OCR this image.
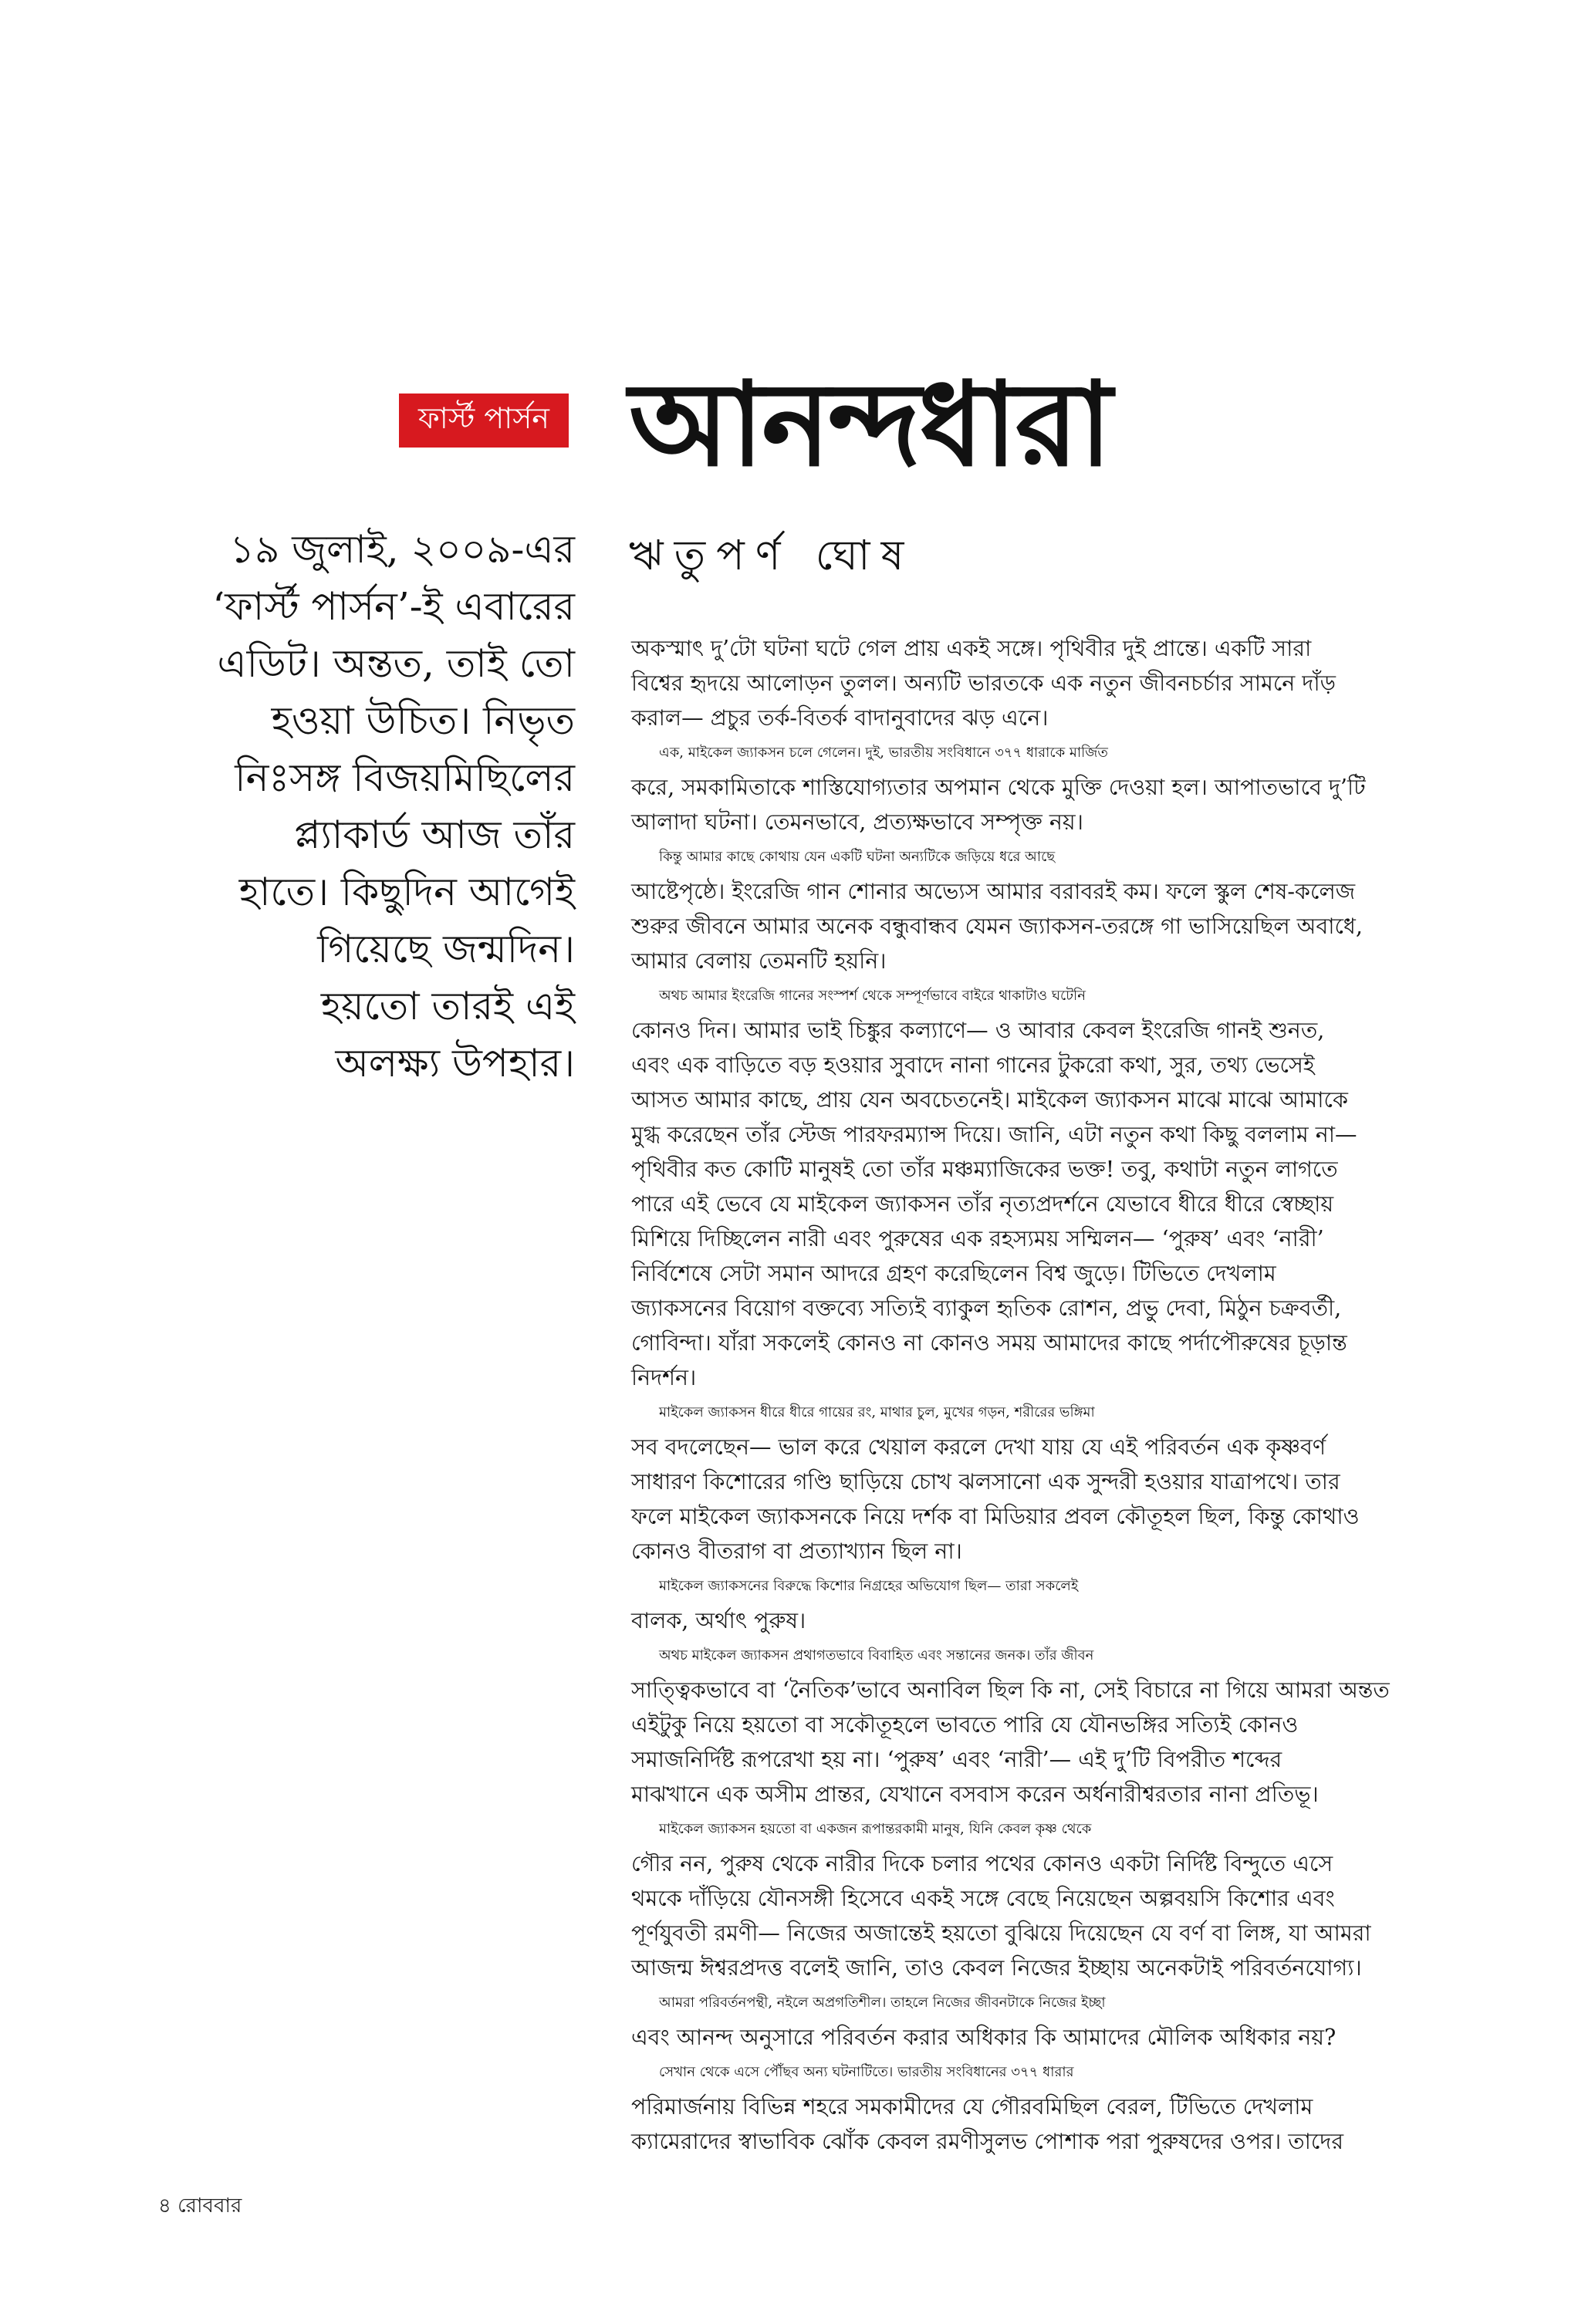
ফার্স্ট পার্সন আনন্দধারা
ঋতুপর্ণ ঘোষ
১৯ জুলাই, ২০০৯-এর
‘ফার্স্ট পার্সন’-ই এবারের
এডিট। অন্তত, তাই তো
হওয়া উচিত। নিভৃত
নিঃসঙ্গ বিজয়মিছিলের
প্ল্যাকার্ড আজ তাঁর
হাতে। কিছুদিন আগেই
গিয়েছে জন্মদিন।
হয়তো তারই এই
অলক্ষ্য উপহার।
অকস্মাৎ দু’টো ঘটনা ঘটে গেল প্রায় একই সঙ্গে। পৃথিবীর দুই প্রান্তে। একটি সারা
বিশ্বের হৃদয়ে আলোড়ন তুলল। অন্যটি ভারতকে এক নতুন জীবনচর্চার সামনে দাঁড়
করাল— প্রচুর তর্ক-বিতর্ক বাদানুবাদের ঝড় এনে।
এক, মাইকেল জ্যাকসন চলে গেলেন। দুই, ভারতীয় সংবিধানে ৩৭৭ ধারাকে মার্জিত
করে, সমকামিতাকে শাস্তিযোগ্যতার অপমান থেকে মুক্তি দেওয়া হল। আপাতভাবে দু’টি
আলাদা ঘটনা। তেমনভাবে, প্রত্যক্ষভাবে সম্পৃক্ত নয়।
কিন্তু আমার কাছে কোথায় যেন একটি ঘটনা অন্যটিকে জড়িয়ে ধরে আছে
আষ্টেপৃষ্ঠে। ইংরেজি গান শোনার অভ্যেস আমার বরাবরই কম। ফলে স্কুল শেষ-কলেজ
শুরুর জীবনে আমার অনেক বন্ধুবান্ধব যেমন জ্যাকসন-তরঙ্গে গা ভাসিয়েছিল অবাধে,
আমার বেলায় তেমনটি হয়নি।
অথচ আমার ইংরেজি গানের সংস্পর্শ থেকে সম্পূর্ণভাবে বাইরে থাকাটাও ঘটেনি
কোনও দিন। আমার ভাই চিঙ্কুর কল্যাণে— ও আবার কেবল ইংরেজি গানই শুনত,
এবং এক বাড়িতে বড় হওয়ার সুবাদে নানা গানের টুকরো কথা, সুর, তথ্য ভেসেই
আসত আমার কাছে, প্রায় যেন অবচেতনেই। মাইকেল জ্যাকসন মাঝে মাঝে আমাকে
মুগ্ধ করেছেন তাঁর স্টেজ পারফরম্যান্স দিয়ে। জানি, এটা নতুন কথা কিছু বললাম না—
পৃথিবীর কত কোটি মানুষই তো তাঁর মঞ্চম্যাজিকের ভক্ত! তবু, কথাটা নতুন লাগতে
পারে এই ভেবে যে মাইকেল জ্যাকসন তাঁর নৃত্যপ্রদর্শনে যেভাবে ধীরে ধীরে স্বেচ্ছায়
মিশিয়ে দিচ্ছিলেন নারী এবং পুরুষের এক রহস্যময় সম্মিলন— ‘পুরুষ’ এবং ‘নারী’
নির্বিশেষে সেটা সমান আদরে গ্রহণ করেছিলেন বিশ্ব জুড়ে। টিভিতে দেখলাম
জ্যাকসনের বিয়োগ বক্তব্যে সত্যিই ব্যাকুল হৃতিক রোশন, প্রভু দেবা, মিঠুন চক্রবর্তী,
গোবিন্দা। যাঁরা সকলেই কোনও না কোনও সময় আমাদের কাছে পর্দাপৌরুষের চূড়ান্ত
নিদর্শন।
মাইকেল জ্যাকসন ধীরে ধীরে গায়ের রং, মাথার চুল, মুখের গড়ন, শরীরের ভঙ্গিমা
সব বদলেছেন— ভাল করে খেয়াল করলে দেখা যায় যে এই পরিবর্তন এক কৃষ্ণবর্ণ
সাধারণ কিশোরের গণ্ডি ছাড়িয়ে চোখ ঝলসানো এক সুন্দরী হওয়ার যাত্রাপথে। তার
ফলে মাইকেল জ্যাকসনকে নিয়ে দর্শক বা মিডিয়ার প্রবল কৌতূহল ছিল, কিন্তু কোথাও
কোনও বীতরাগ বা প্রত্যাখ্যান ছিল না।
মাইকেল জ্যাকসনের বিরুদ্ধে কিশোর নিগ্রহের অভিযোগ ছিল— তারা সকলেই
বালক, অর্থাৎ পুরুষ।
অথচ মাইকেল জ্যাকসন প্রথাগতভাবে বিবাহিত এবং সন্তানের জনক। তাঁর জীবন
সাত্ত্বিকভাবে বা ‘নৈতিক’ভাবে অনাবিল ছিল কি না, সেই বিচারে না গিয়ে আমরা অন্তত
এইটুকু নিয়ে হয়তো বা সকৌতূহলে ভাবতে পারি যে যৌনভঙ্গির সত্যিই কোনও
সমাজনির্দিষ্ট রূপরেখা হয় না। ‘পুরুষ’ এবং ‘নারী’— এই দু’টি বিপরীত শব্দের
মাঝখানে এক অসীম প্রান্তর, যেখানে বসবাস করেন অর্ধনারীশ্বরতার নানা প্রতিভূ।
মাইকেল জ্যাকসন হয়তো বা একজন রূপান্তরকামী মানুষ, যিনি কেবল কৃষ্ণ থেকে
গৌর নন, পুরুষ থেকে নারীর দিকে চলার পথের কোনও একটা নির্দিষ্ট বিন্দুতে এসে
থমকে দাঁড়িয়ে যৌনসঙ্গী হিসেবে একই সঙ্গে বেছে নিয়েছেন অল্পবয়সি কিশোর এবং
পূর্ণযুবতী রমণী— নিজের অজান্তেই হয়তো বুঝিয়ে দিয়েছেন যে বর্ণ বা লিঙ্গ, যা আমরা
আজন্ম ঈশ্বরপ্রদত্ত বলেই জানি, তাও কেবল নিজের ইচ্ছায় অনেকটাই পরিবর্তনযোগ্য।
আমরা পরিবর্তনপন্থী, নইলে অপ্রগতিশীল। তাহলে নিজের জীবনটাকে নিজের ইচ্ছা
এবং আনন্দ অনুসারে পরিবর্তন করার অধিকার কি আমাদের মৌলিক অধিকার নয়?
সেখান থেকে এসে পৌঁছব অন্য ঘটনাটিতে। ভারতীয় সংবিধানের ৩৭৭ ধারার
পরিমার্জনায় বিভিন্ন শহরে সমকামীদের যে গৌরবমিছিল বেরল, টিভিতে দেখলাম
ক্যামেরাদের স্বাভাবিক ঝোঁক কেবল রমণীসুলভ পোশাক পরা পুরুষদের ওপর। তাদের
৪ রোববার
